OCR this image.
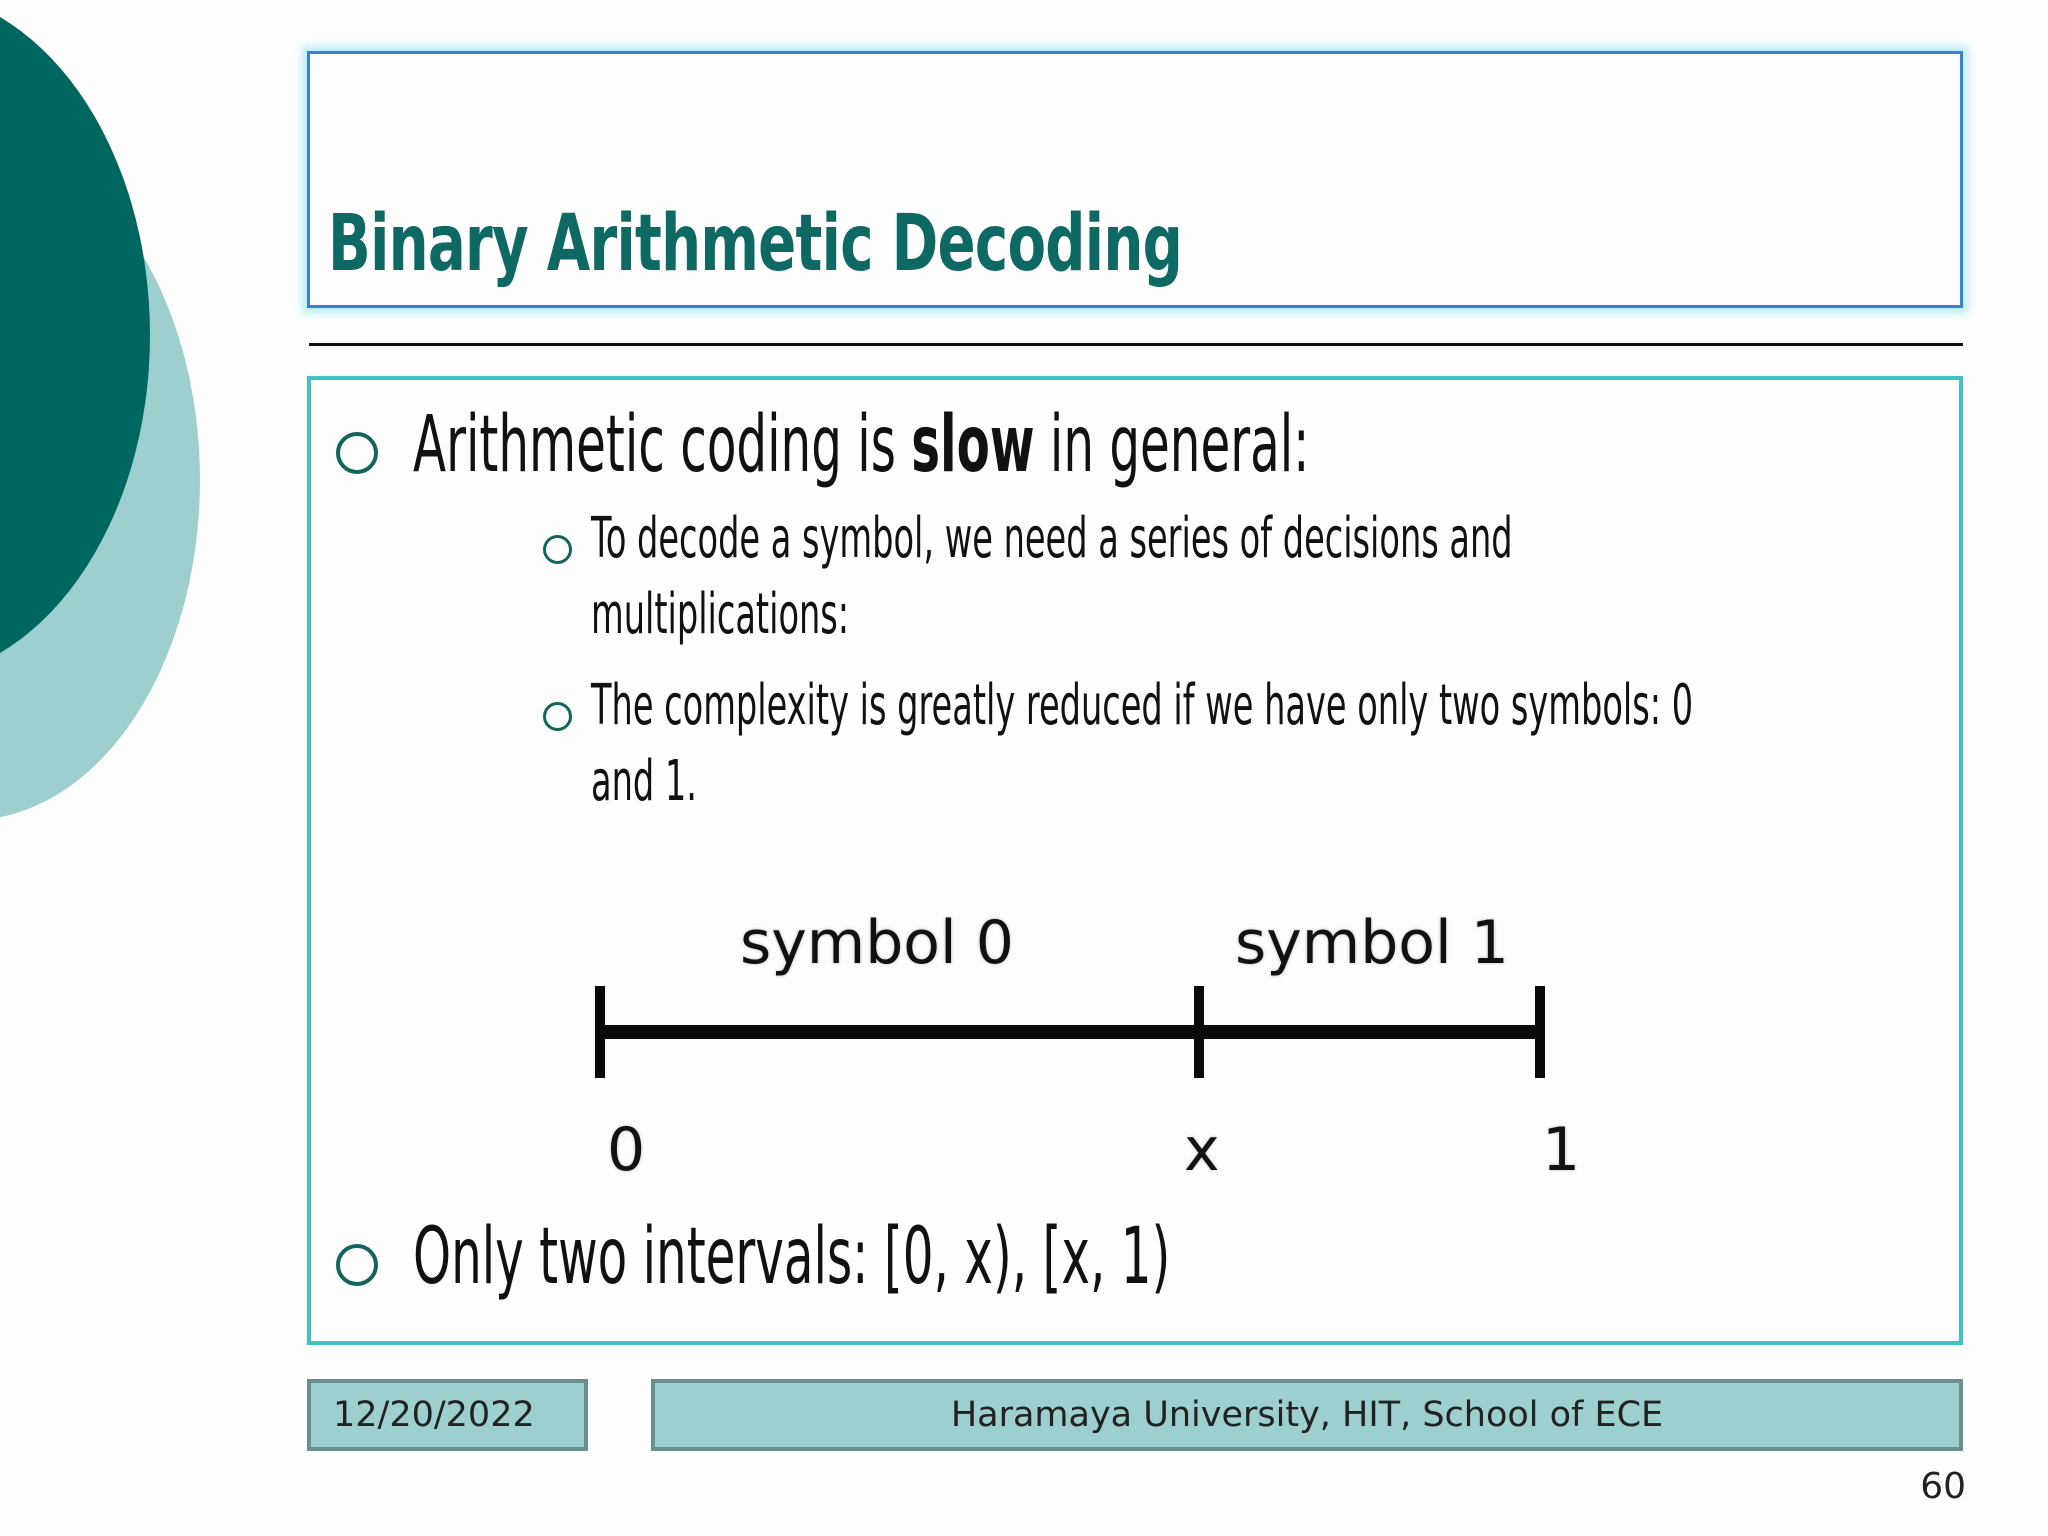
Binary Arithmetic Decoding
Arithmetic coding is slow in general:
To decode a symbol, we need a series of decisions and
multiplications:
The complexity is greatly reduced if we have only two symbols: 0
and 1.
Only two intervals: [0, x), [x, 1)
symbol 0	symbol 1
0	x	1
12/20/2022	Haramaya University, HIT, School of ECE
60
